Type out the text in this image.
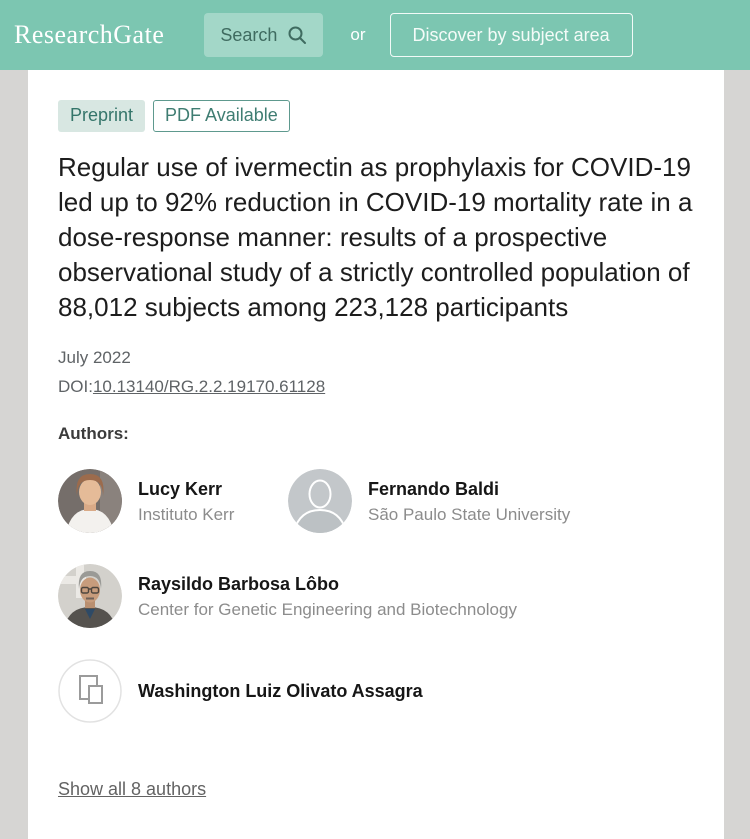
ResearchGate	Search	or	Discover by subject area
Preprint	PDF Available
Regular use of ivermectin as prophylaxis for COVID-19 led up to 92% reduction in COVID-19 mortality rate in a dose-response manner: results of a prospective observational study of a strictly controlled population of 88,012 subjects among 223,128 participants
July 2022
DOI:10.13140/RG.2.2.19170.61128
Authors:
Lucy Kerr
Instituto Kerr
Fernando Baldi
São Paulo State University
Raysildo Barbosa Lôbo
Center for Genetic Engineering and Biotechnology
Washington Luiz Olivato Assagra
Show all 8 authors
